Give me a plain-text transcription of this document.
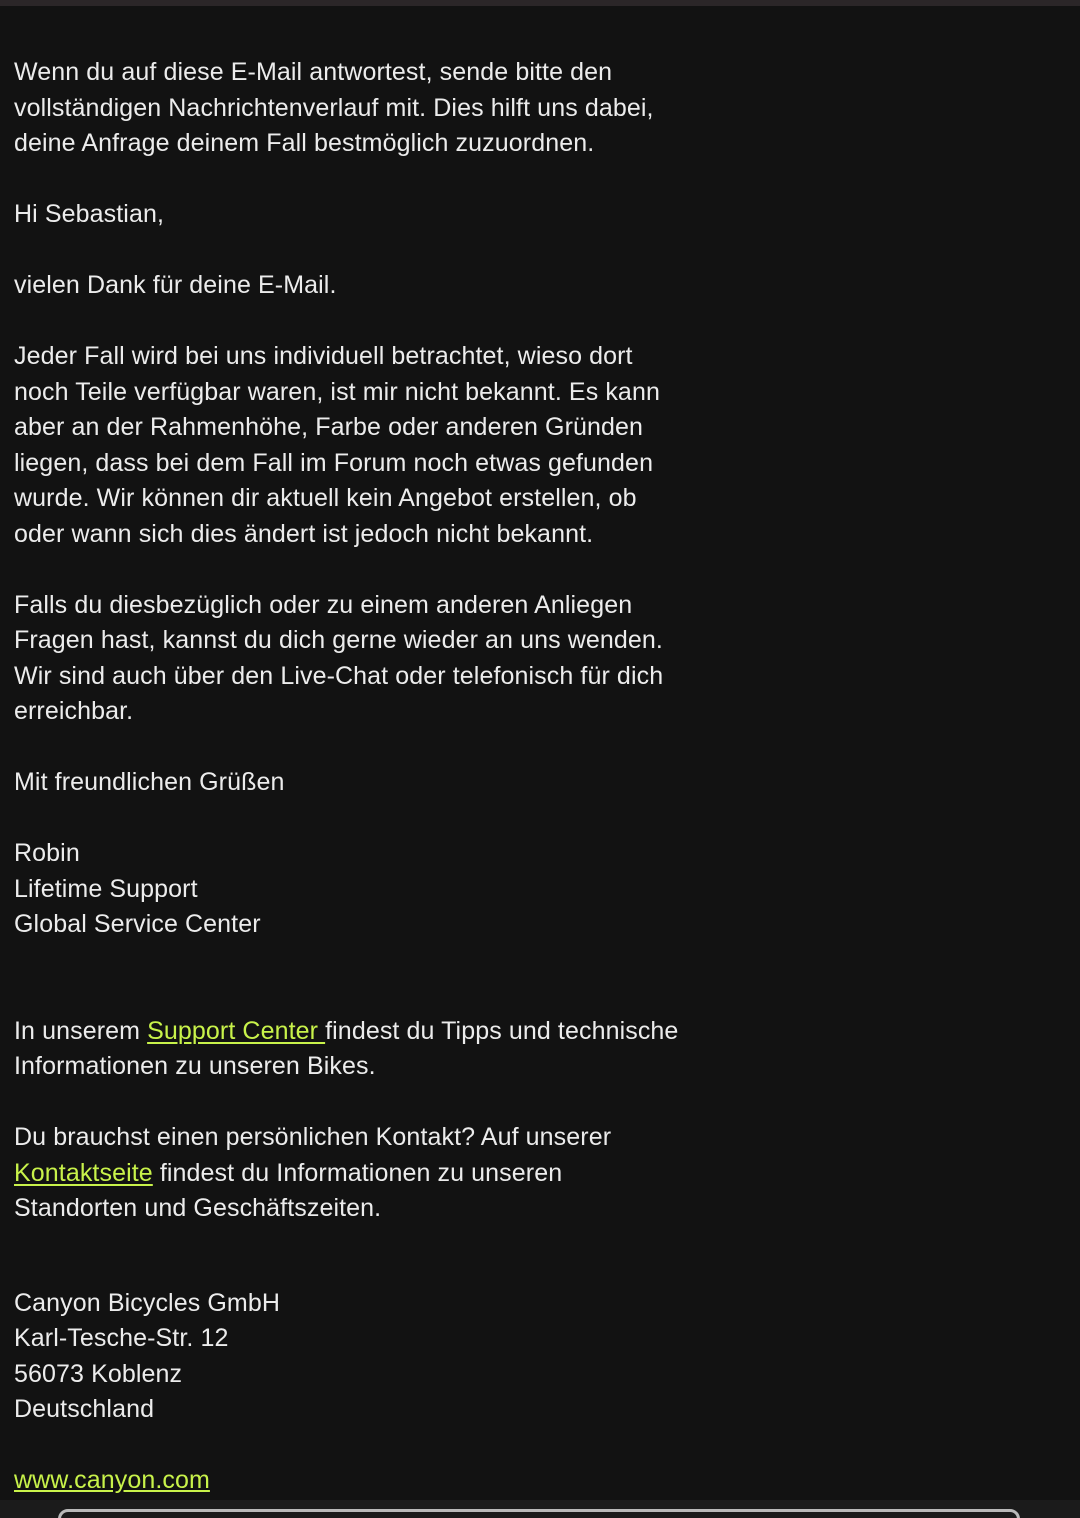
Wenn du auf diese E-Mail antwortest, sende bitte den
vollständigen Nachrichtenverlauf mit. Dies hilft uns dabei,
deine Anfrage deinem Fall bestmöglich zuzuordnen.

Hi Sebastian,

vielen Dank für deine E-Mail.

Jeder Fall wird bei uns individuell betrachtet, wieso dort
noch Teile verfügbar waren, ist mir nicht bekannt. Es kann
aber an der Rahmenhöhe, Farbe oder anderen Gründen
liegen, dass bei dem Fall im Forum noch etwas gefunden
wurde. Wir können dir aktuell kein Angebot erstellen, ob
oder wann sich dies ändert ist jedoch nicht bekannt.

Falls du diesbezüglich oder zu einem anderen Anliegen
Fragen hast, kannst du dich gerne wieder an uns wenden.
Wir sind auch über den Live-Chat oder telefonisch für dich
erreichbar.

Mit freundlichen Grüßen

Robin
Lifetime Support
Global Service Center

In unserem Support Center findest du Tipps und technische
Informationen zu unseren Bikes.

Du brauchst einen persönlichen Kontakt? Auf unserer
Kontaktseite findest du Informationen zu unseren
Standorten und Geschäftszeiten.

Canyon Bicycles GmbH
Karl-Tesche-Str. 12
56073 Koblenz
Deutschland

www.canyon.com
